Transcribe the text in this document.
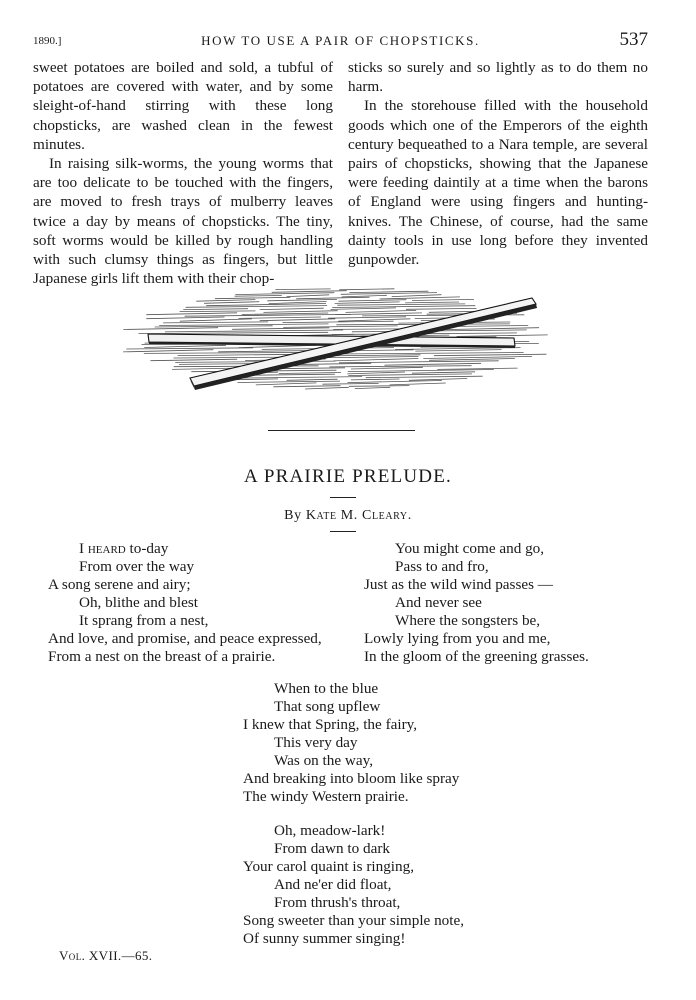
1890.]	HOW TO USE A PAIR OF CHOPSTICKS.	537

sweet potatoes are boiled and sold, a tubful of potatoes are covered with water, and by some sleight-of-hand stirring with these long chopsticks, are washed clean in the fewest minutes.

In raising silk-worms, the young worms that are too delicate to be touched with the fingers, are moved to fresh trays of mulberry leaves twice a day by means of chopsticks. The tiny, soft worms would be killed by rough handling with such clumsy things as fingers, but little Japanese girls lift them with their chop-

sticks so surely and so lightly as to do them no harm.

In the storehouse filled with the household goods which one of the Emperors of the eighth century bequeathed to a Nara temple, are several pairs of chopsticks, showing that the Japanese were feeding daintily at a time when the barons of England were using fingers and hunting-knives. The Chinese, of course, had the same dainty tools in use long before they invented gunpowder.

A PRAIRIE PRELUDE.
By Kate M. Cleary.
I heard to-day
From over the way
A song serene and airy;
Oh, blithe and blest
It sprang from a nest,
And love, and promise, and peace expressed,
From a nest on the breast of a prairie.
You might come and go,
Pass to and fro,
Just as the wild wind passes —
And never see
Where the songsters be,
Lowly lying from you and me,
In the gloom of the greening grasses.
When to the blue
That song upflew
I knew that Spring, the fairy,
This very day
Was on the way,
And breaking into bloom like spray
The windy Western prairie.
Oh, meadow-lark!
From dawn to dark
Your carol quaint is ringing,
And ne'er did float,
From thrush's throat,
Song sweeter than your simple note,
Of sunny summer singing!
Vol. XVII.—65.
